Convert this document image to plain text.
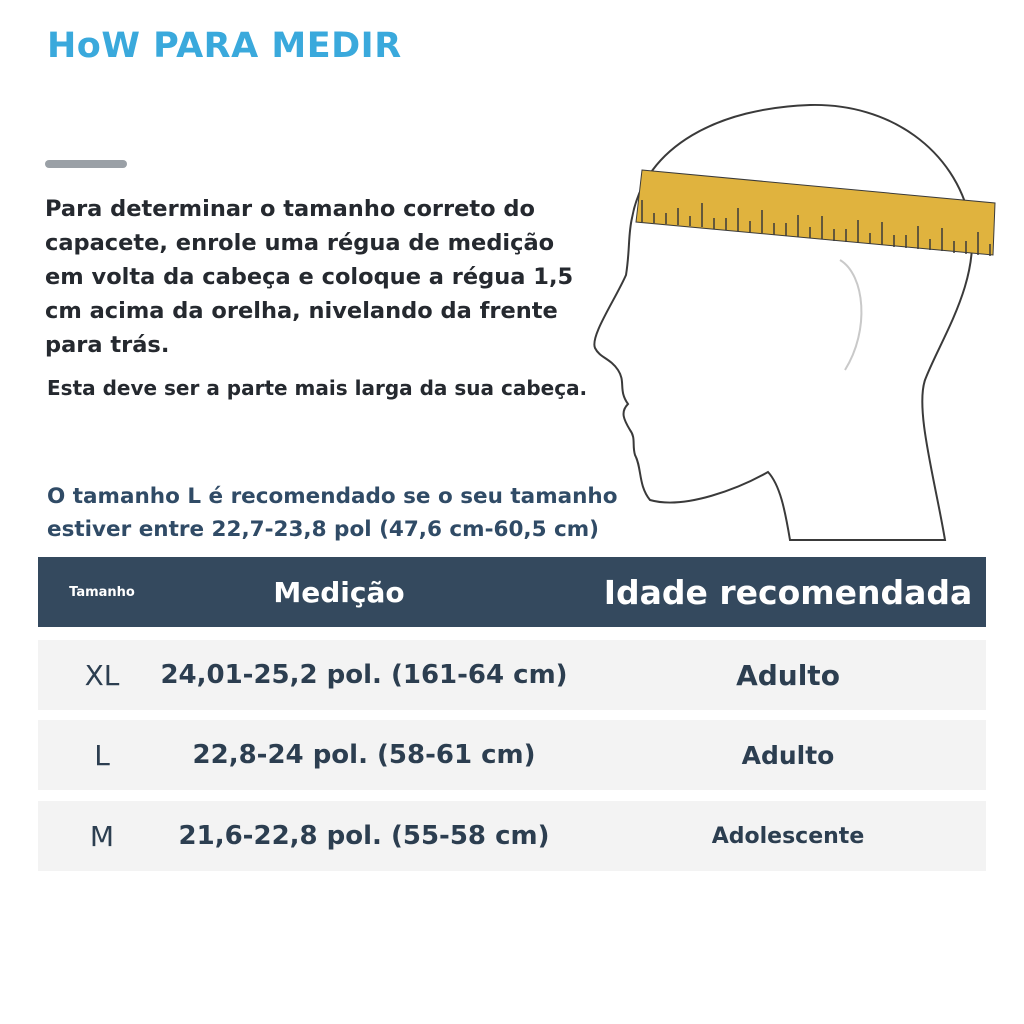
HoW PARA MEDIR
Para determinar o tamanho correto do capacete, enrole uma régua de medição em volta da cabeça e coloque a régua 1,5 cm acima da orelha, nivelando da frente para trás.
Esta deve ser a parte mais larga da sua cabeça.
O tamanho L é recomendado se o seu tamanho estiver entre 22,7-23,8 pol (47,6 cm-60,5 cm)
Tamanho	Medição	Idade recomendada
XL	24,01-25,2 pol. (161-64 cm)	Adulto
L	22,8-24 pol. (58-61 cm)	Adulto
M	21,6-22,8 pol. (55-58 cm)	Adolescente
